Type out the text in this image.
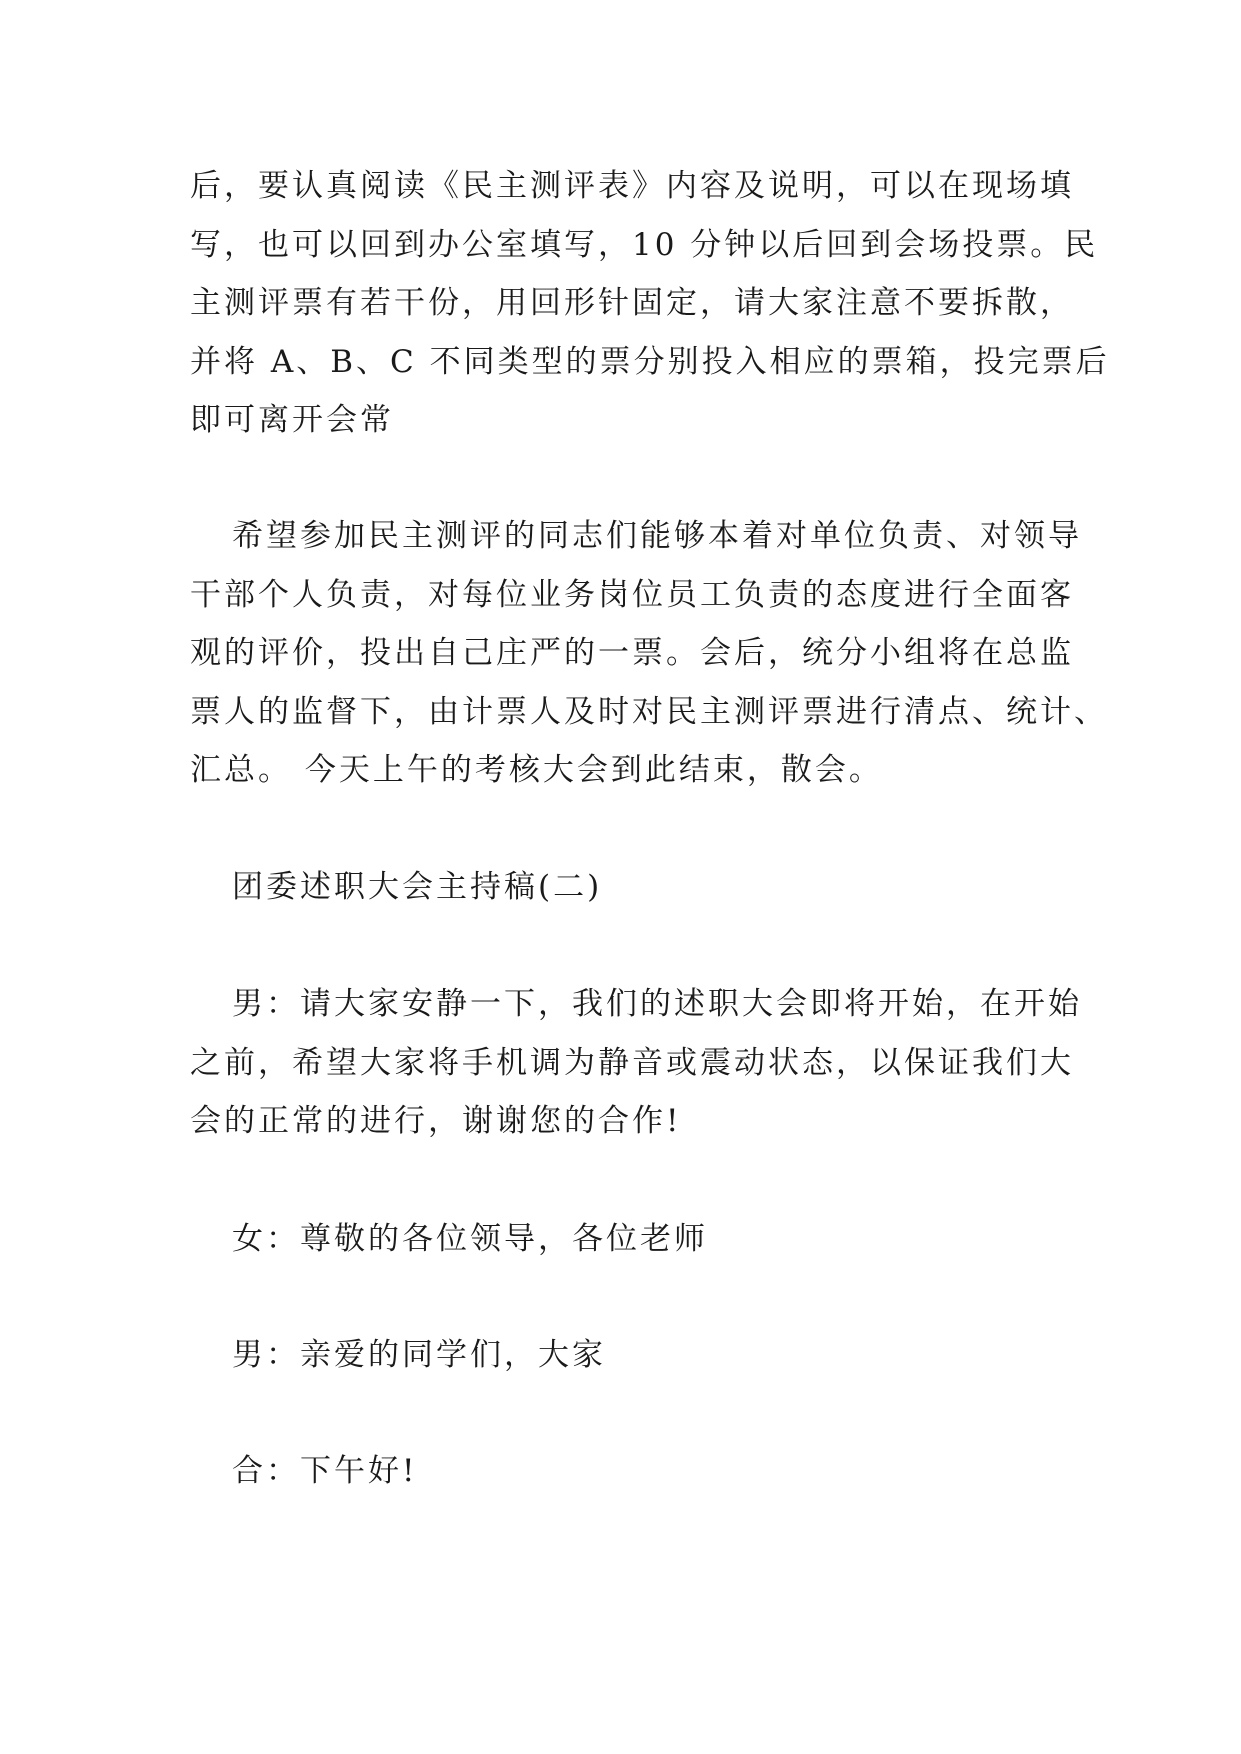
后，要认真阅读《民主测评表》内容及说明，可以在现场填
写，也可以回到办公室填写，10 分钟以后回到会场投票。民
主测评票有若干份，用回形针固定，请大家注意不要拆散，
并将 A、B、C 不同类型的票分别投入相应的票箱，投完票后
即可离开会常

希望参加民主测评的同志们能够本着对单位负责、对领导
干部个人负责，对每位业务岗位员工负责的态度进行全面客
观的评价，投出自己庄严的一票。会后，统分小组将在总监
票人的监督下，由计票人及时对民主测评票进行清点、统计、
汇总。 今天上午的考核大会到此结束，散会。

团委述职大会主持稿(二)

男：请大家安静一下，我们的述职大会即将开始，在开始
之前，希望大家将手机调为静音或震动状态，以保证我们大
会的正常的进行，谢谢您的合作!

女：尊敬的各位领导，各位老师

男：亲爱的同学们，大家

合：下午好!
